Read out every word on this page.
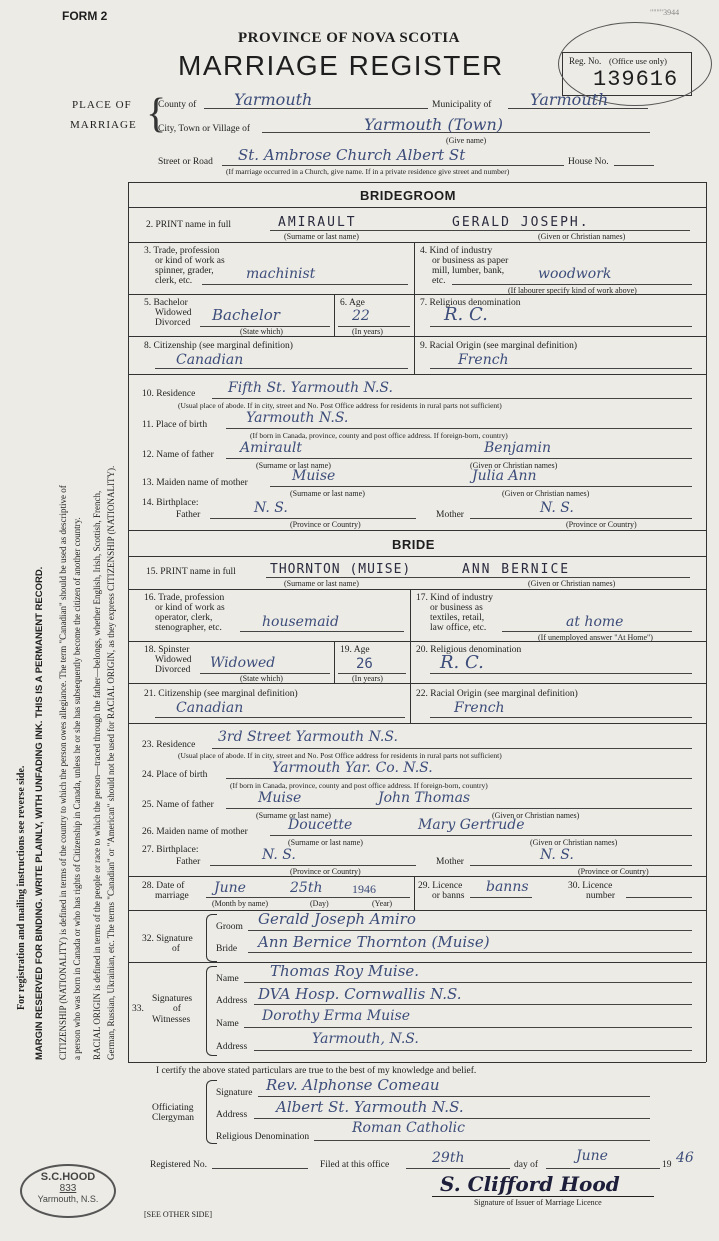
FORM 2	""""3944
PROVINCE OF NOVA SCOTIA
MARRIAGE REGISTER	Reg. No. (Office use only)
139616
PLACE OF
MARRIAGE {
County of Yarmouth	Municipality of Yarmouth
City, Town or Village of	Yarmouth (Town)
(Give name)
Street or Road St. Ambrose Church Albert St	House No.
(If marriage occurred in a Church, give name. If in a private residence give street and number)
For registration and mailing instructions see reverse side. MARGIN RESERVED FOR BINDING. WRITE PLAINLY, WITH UNFADING INK. THIS IS A PERMANENT RECORD. CITIZENSHIP (NATIONALITY) is defined in terms of the country to which the person owes allegiance. The term "Canadian" should be used as descriptive of a person who was born in Canada or who has rights of Citizenship in Canada, unless he or she has subsequently become the citizen of another country. RACIAL ORIGIN is defined in terms of the people or race to which the person—traced through the father—belongs, whether English, Irish, Scottish, French, German, Russian, Ukrainian, etc. The terms "Canadian" or "American" should not be used for RACIAL ORIGIN, as they express CITIZENSHIP (NATIONALITY).
BRIDEGROOM
2. PRINT name in full	AMIRAULT	GERALD JOSEPH.
(Surname or last name)	(Given or Christian names)
3. Trade, profession
or kind of work as
spinner, grader,
clerk, etc.	machinist
4. Kind of industry
or business as paper
mill, lumber, bank,
etc.	woodwork
(If labourer specify kind of work above)
5. Bachelor
Widowed
Divorced Bachelor
(State which)
6. Age
22
(In years)
7. Religious denomination
R. C.
8. Citizenship (see marginal definition)
Canadian
9. Racial Origin (see marginal definition)
French
10. Residence Fifth St. Yarmouth N.S.
(Usual place of abode. If in city, street and No. Post Office address for residents in rural parts not sufficient)
11. Place of birth	Yarmouth N.S.
(If born in Canada, province, county and post office address. If foreign-born, country)
12. Name of father Amirault	Benjamin
(Surname or last name)	(Given or Christian names)
13. Maiden name of mother	Muise	Julia Ann
(Surname or last name)	(Given or Christian names)
14. Birthplace:
Father	N. S.
(Province or Country)
Mother	N. S.
(Province or Country)
BRIDE
15. PRINT name in full	THORNTON (MUISE)	ANN BERNICE
(Surname or last name)	(Given or Christian names)
16. Trade, profession
or kind of work as
operator, clerk,
stenographer, etc.	housemaid
17. Kind of industry
or business as
textiles, retail,
law office, etc.	at home
(If unemployed answer "At Home")
18. Spinster
Widowed
Divorced Widowed
(State which)
19. Age
26
(In years)
20. Religious denomination
R. C.
21. Citizenship (see marginal definition)
Canadian
22. Racial Origin (see marginal definition)
French
23. Residence 3rd Street Yarmouth N.S.
(Usual place of abode. If in city, street and No. Post Office address for residents in rural parts not sufficient)
24. Place of birth	Yarmouth Yar. Co. N.S.
(If born in Canada, province, county and post office address. If foreign-born, country)
25. Name of father	Muise	John Thomas
(Surname or last name)	(Given or Christian names)
26. Maiden name of mother	Doucette	Mary Gertrude
(Surname or last name)	(Given or Christian names)
27. Birthplace:
Father	N. S.
(Province or Country)
Mother	N. S.
(Province or Country)
28. Date of
marriage June	25th 1946
(Month by name)	(Day)	(Year)
29. Licence
or banns
banns	30. Licence
number
32. Signature
of
Groom Gerald Joseph Amiro
Bride Ann Bernice Thornton (Muise)
Signatures
33.	of
Witnesses
Name Thomas Roy Muise.
Address DVA Hosp. Cornwallis N.S.
Name Dorothy Erma Muise
Address	Yarmouth, N.S.
I certify the above stated particulars are true to the best of my knowledge and belief.
Officiating
Clergyman
Signature Rev. Alphonse Comeau
Address Albert St. Yarmouth N.S.
Religious Denomination
Roman Catholic
Registered No.	Filed at this office	29th	day of
June
19 46
S. Clifford Hood
Signature of Issuer of Marriage Licence
[SEE OTHER SIDE]
S.C.HOOD
833
Yarmouth, N.S.
